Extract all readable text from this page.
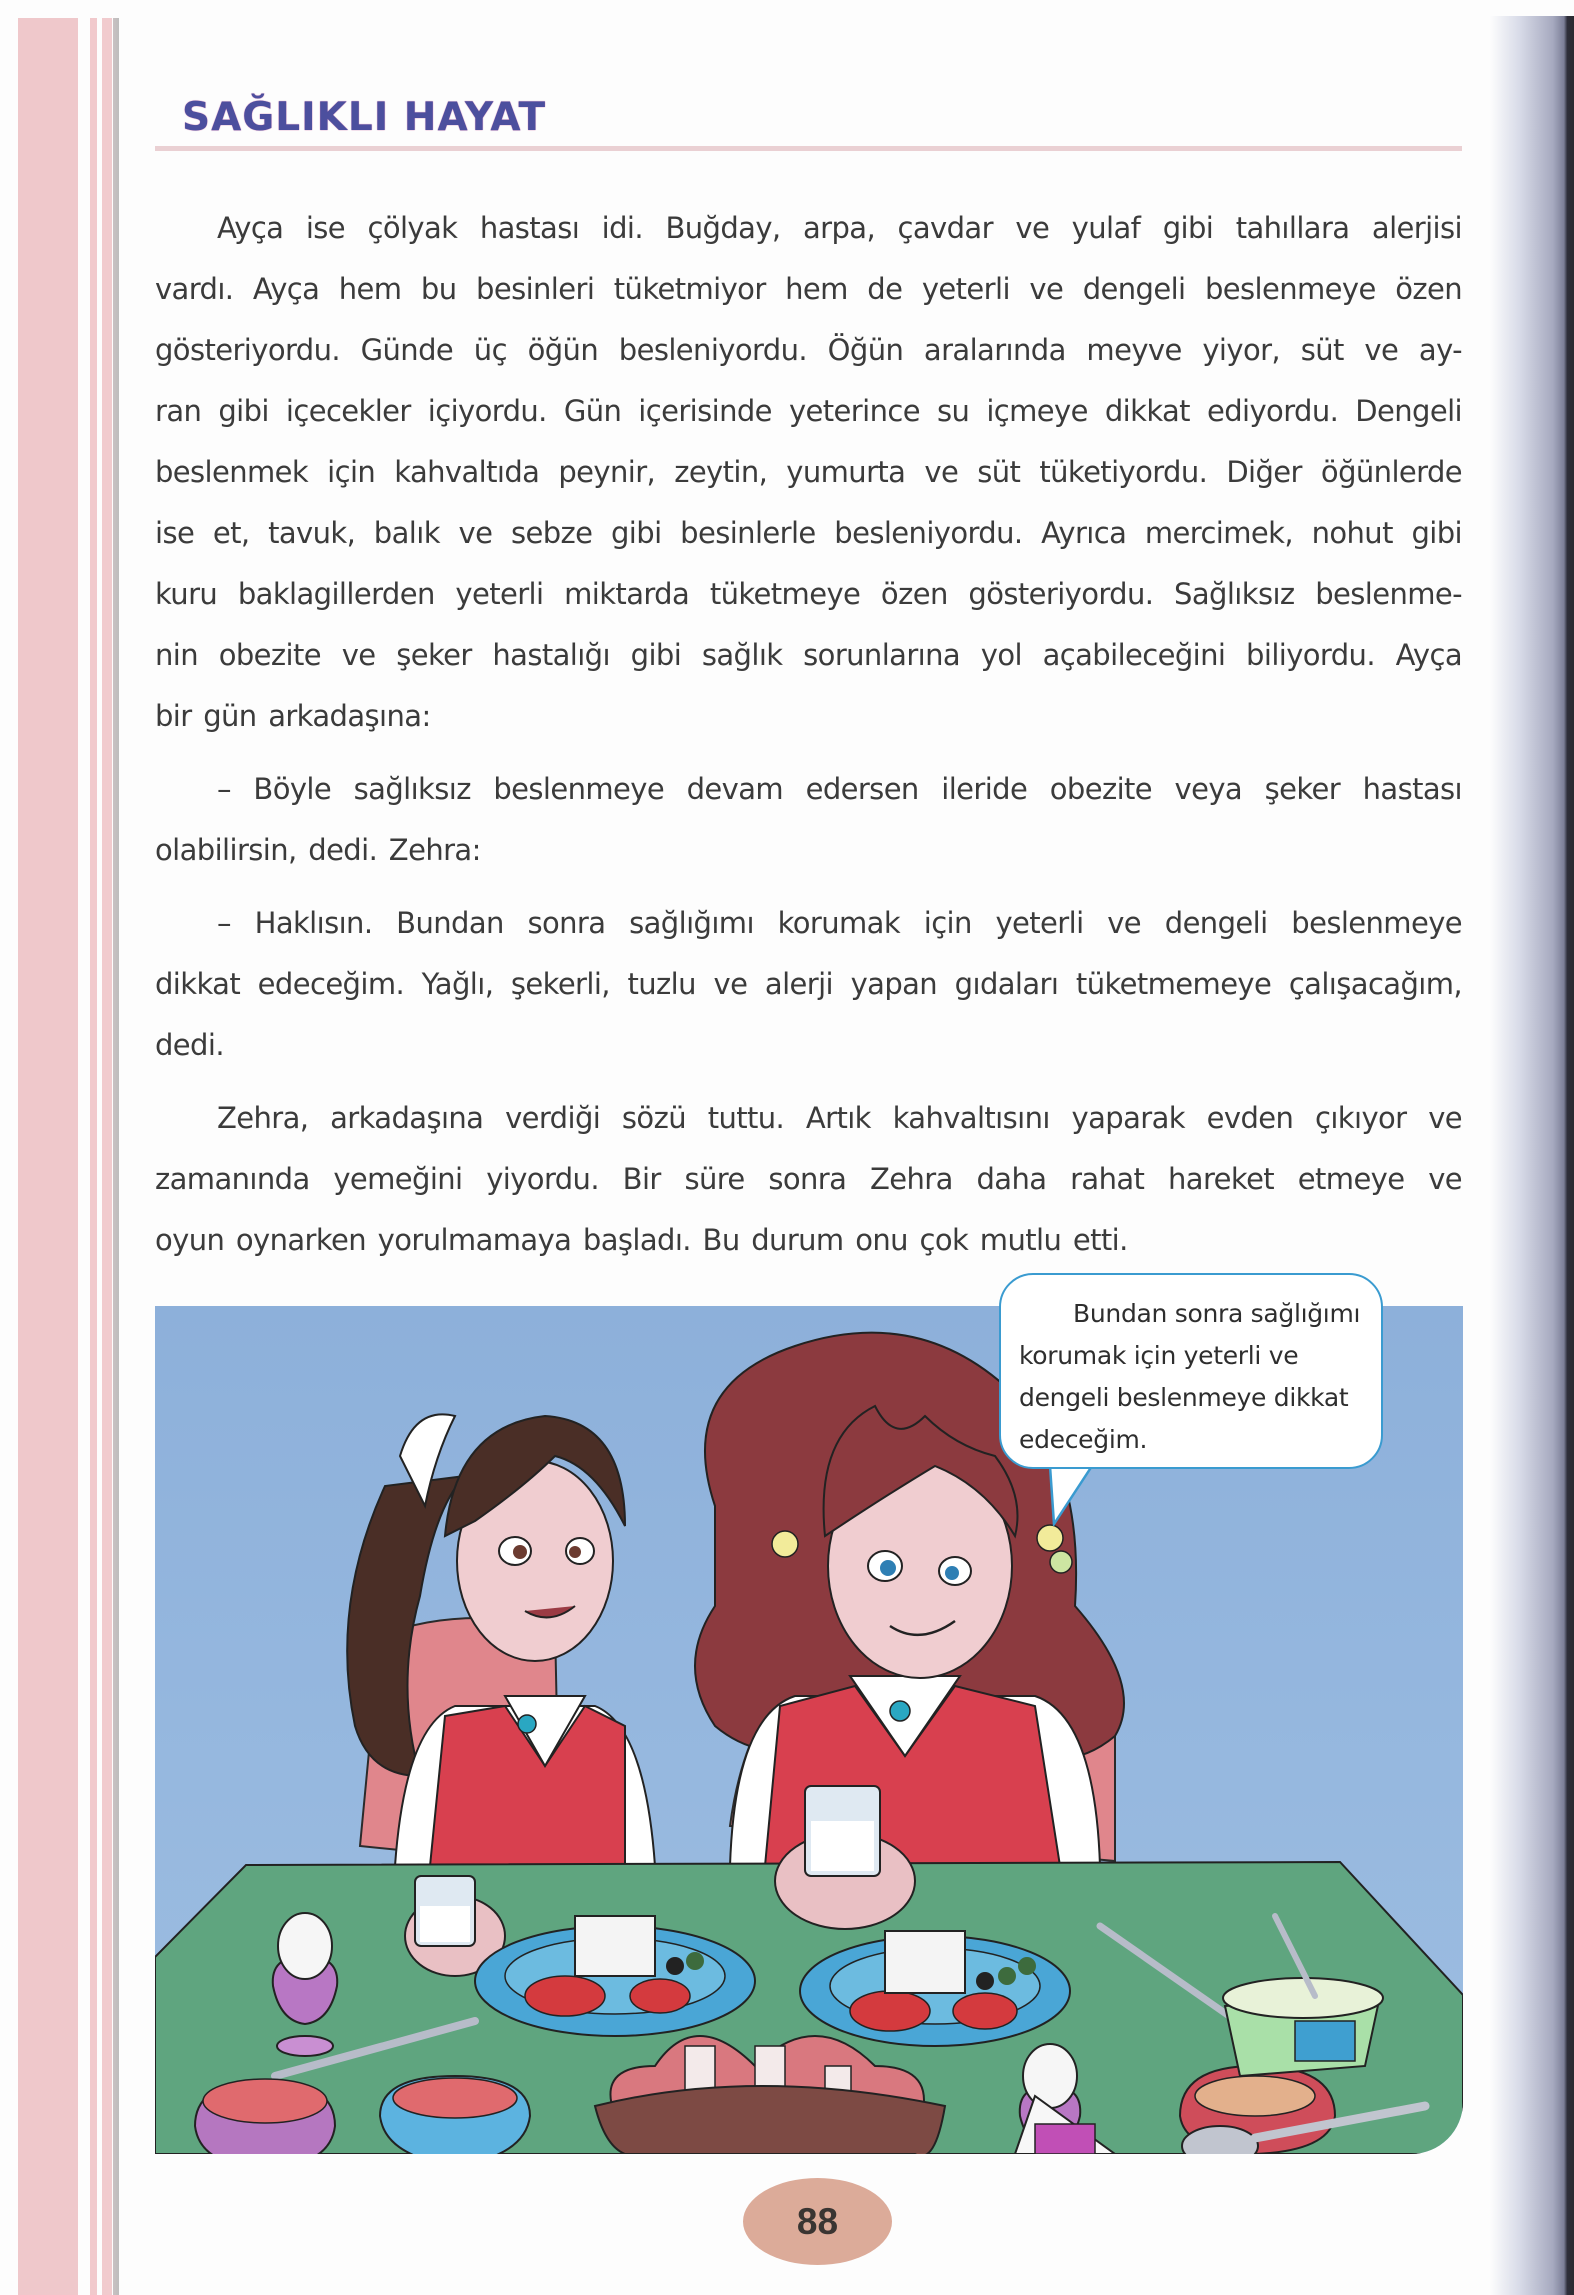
SAĞLIKLI HAYAT

Ayça ise çölyak hastası idi. Buğday, arpa, çavdar ve yulaf gibi tahıllara alerjisi
vardı. Ayça hem bu besinleri tüketmiyor hem de yeterli ve dengeli beslenmeye özen
gösteriyordu. Günde üç öğün besleniyordu. Öğün aralarında meyve yiyor, süt ve ay-
ran gibi içecekler içiyordu. Gün içerisinde yeterince su içmeye dikkat ediyordu. Dengeli
beslenmek için kahvaltıda peynir, zeytin, yumurta ve süt tüketiyordu. Diğer öğünlerde
ise et, tavuk, balık ve sebze gibi besinlerle besleniyordu. Ayrıca mercimek, nohut gibi
kuru baklagillerden yeterli miktarda tüketmeye özen gösteriyordu. Sağlıksız beslenme-
nin obezite ve şeker hastalığı gibi sağlık sorunlarına yol açabileceğini biliyordu. Ayça
bir gün arkadaşına:

– Böyle sağlıksız beslenmeye devam edersen ileride obezite veya şeker hastası
olabilirsin, dedi. Zehra:

– Haklısın. Bundan sonra sağlığımı korumak için yeterli ve dengeli beslenmeye
dikkat edeceğim. Yağlı, şekerli, tuzlu ve alerji yapan gıdaları tüketmemeye çalışacağım,
dedi.

Zehra, arkadaşına verdiği sözü tuttu. Artık kahvaltısını yaparak evden çıkıyor ve
zamanında yemeğini yiyordu. Bir süre sonra Zehra daha rahat hareket etmeye ve
oyun oynarken yorulmamaya başladı. Bu durum onu çok mutlu etti.

Bundan sonra sağlığımı
korumak için yeterli ve
dengeli beslenmeye dikkat
edeceğim.
88
